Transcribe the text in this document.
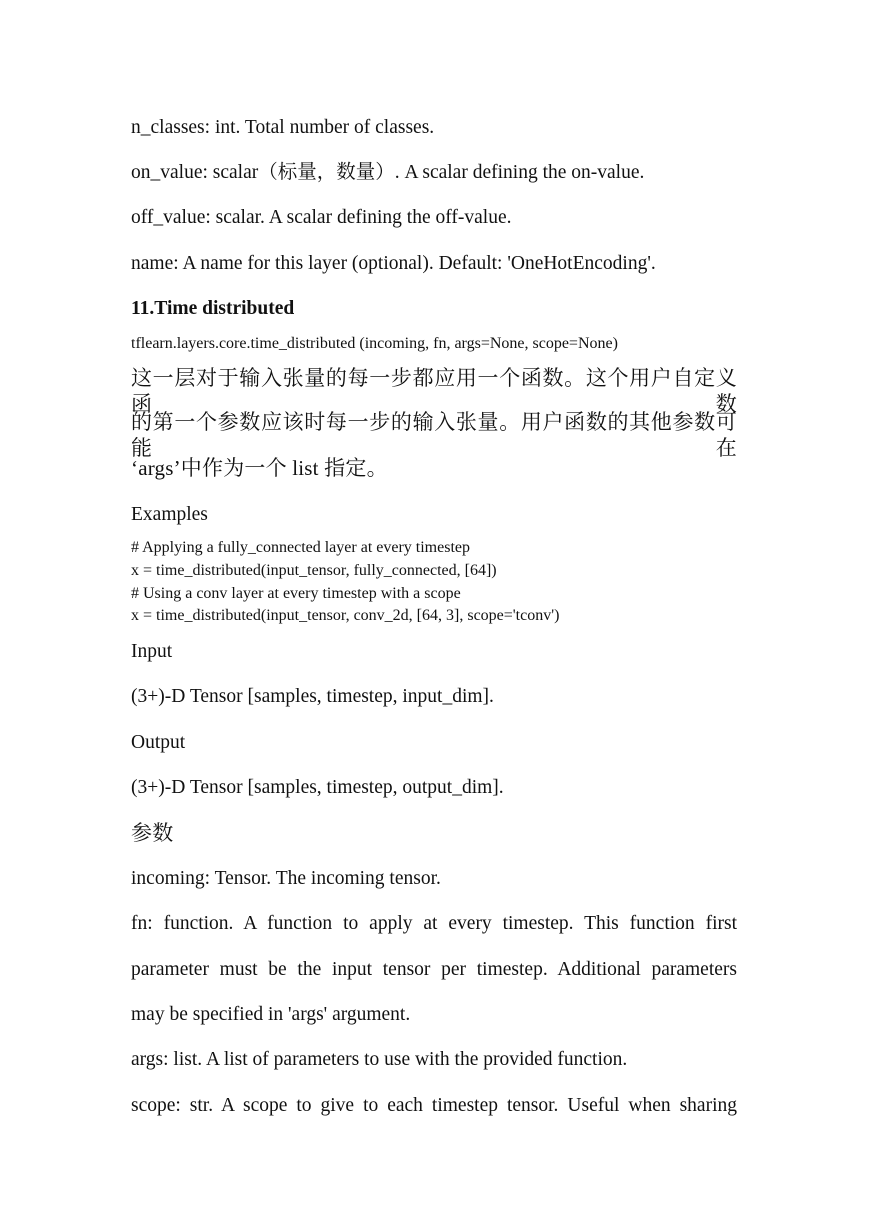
n_classes: int. Total number of classes.
on_value: scalar（标量，数量）. A scalar defining the on-value.
off_value: scalar. A scalar defining the off-value.
name: A name for this layer (optional). Default: 'OneHotEncoding'.
11.Time distributed
tflearn.layers.core.time_distributed (incoming, fn, args=None, scope=None)
这一层对于输入张量的每一步都应用一个函数。这个用户自定义函数
的第一个参数应该时每一步的输入张量。用户函数的其他参数可能在
‘args’中作为一个 list 指定。
Examples
# Applying a fully_connected layer at every timestep
x = time_distributed(input_tensor, fully_connected, [64])
# Using a conv layer at every timestep with a scope
x = time_distributed(input_tensor, conv_2d, [64, 3], scope='tconv')
Input
(3+)-D Tensor [samples, timestep, input_dim].
Output
(3+)-D Tensor [samples, timestep, output_dim].
参数
incoming: Tensor. The incoming tensor.
fn: function. A function to apply at every timestep. This function first
parameter must be the input tensor per timestep. Additional parameters
may be specified in 'args' argument.
args: list. A list of parameters to use with the provided function.
scope: str. A scope to give to each timestep tensor. Useful when sharing
